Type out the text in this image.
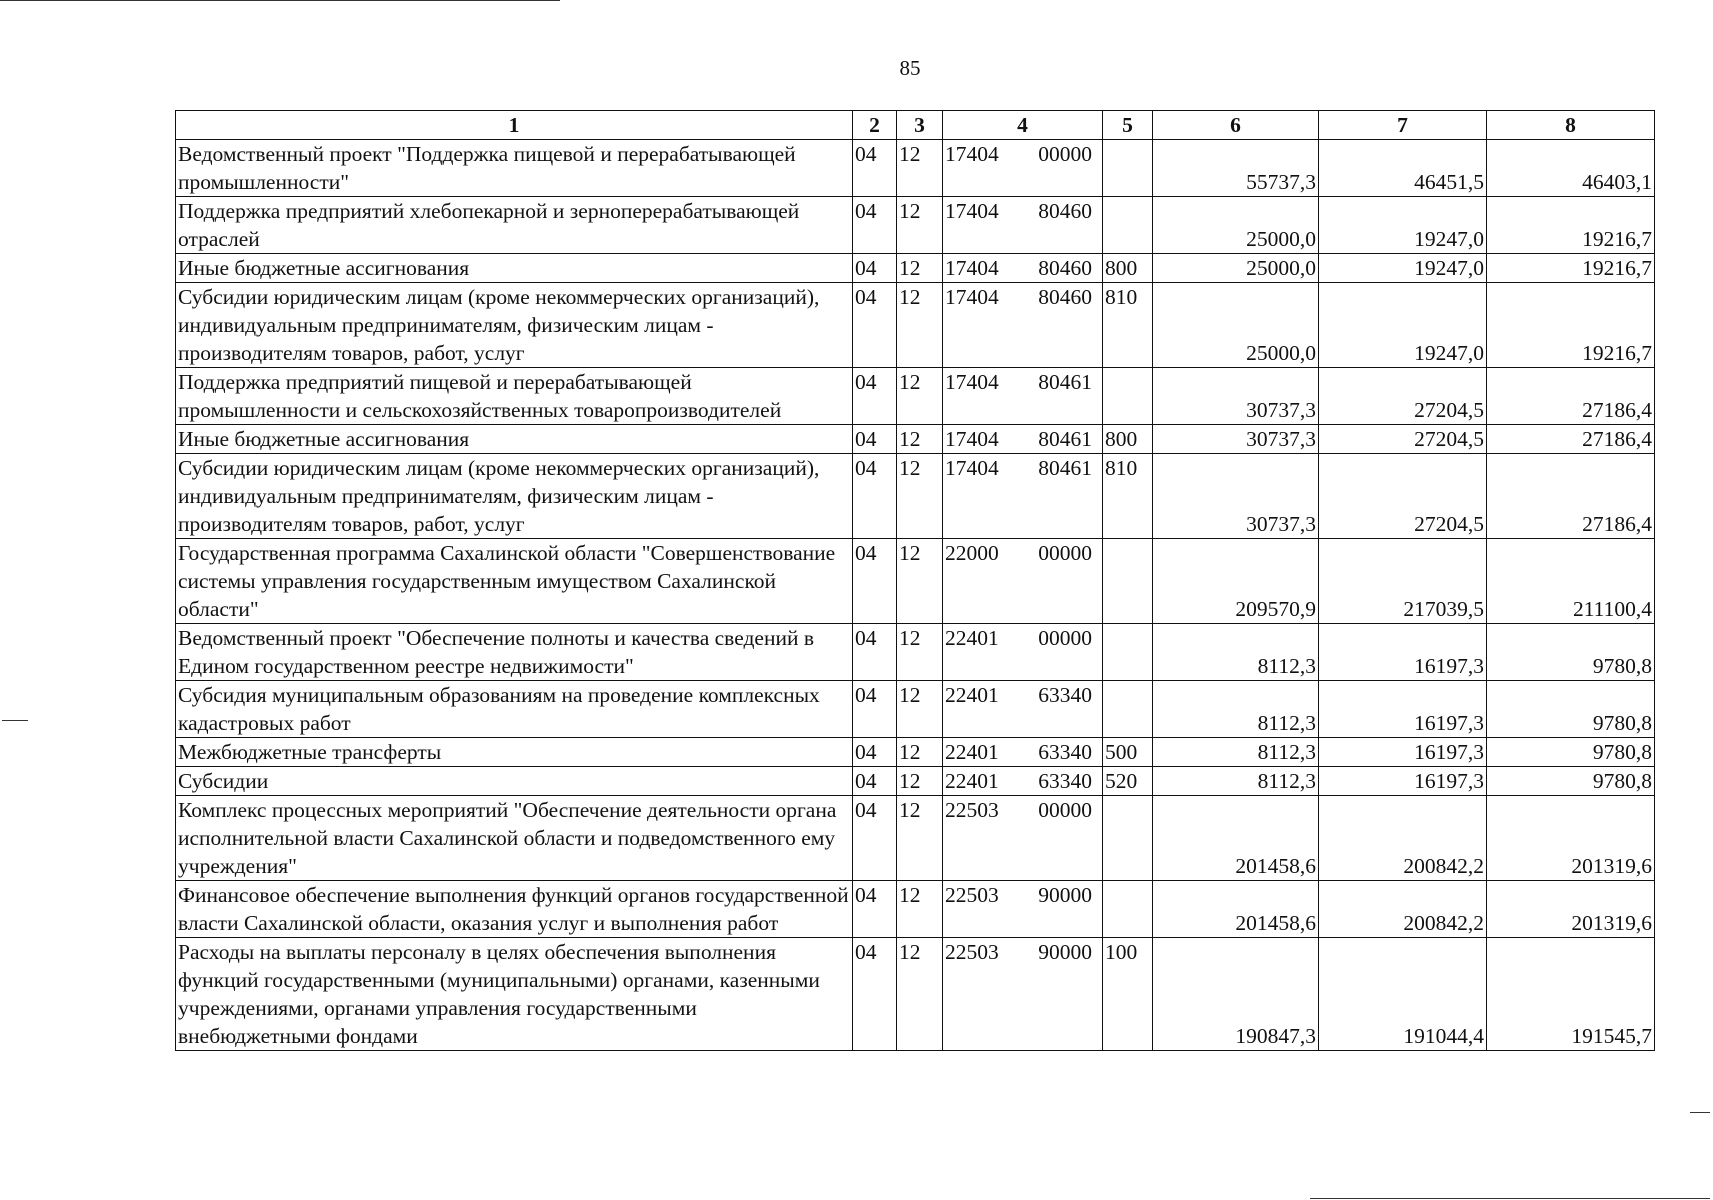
85
1	2	3	4	5	6	7	8
Ведомственный проект "Поддержка пищевой и перерабатывающей промышленности"	04	12	17404 00000		55737,3	46451,5	46403,1
Поддержка предприятий хлебопекарной и зерноперерабатывающей отраслей	04	12	17404 80460		25000,0	19247,0	19216,7
Иные бюджетные ассигнования	04	12	17404 80460	800	25000,0	19247,0	19216,7
Субсидии юридическим лицам (кроме некоммерческих организаций), индивидуальным предпринимателям, физическим лицам - производителям товаров, работ, услуг	04	12	17404 80460	810	25000,0	19247,0	19216,7
Поддержка предприятий пищевой и перерабатывающей промышленности и сельскохозяйственных товаропроизводителей	04	12	17404 80461		30737,3	27204,5	27186,4
Иные бюджетные ассигнования	04	12	17404 80461	800	30737,3	27204,5	27186,4
Субсидии юридическим лицам (кроме некоммерческих организаций), индивидуальным предпринимателям, физическим лицам - производителям товаров, работ, услуг	04	12	17404 80461	810	30737,3	27204,5	27186,4
Государственная программа Сахалинской области "Совершенствование системы управления государственным имуществом Сахалинской области"	04	12	22000 00000		209570,9	217039,5	211100,4
Ведомственный проект "Обеспечение полноты и качества сведений в Едином государственном реестре недвижимости"	04	12	22401 00000		8112,3	16197,3	9780,8
Субсидия муниципальным образованиям на проведение комплексных кадастровых работ	04	12	22401 63340		8112,3	16197,3	9780,8
Межбюджетные трансферты	04	12	22401 63340	500	8112,3	16197,3	9780,8
Субсидии	04	12	22401 63340	520	8112,3	16197,3	9780,8
Комплекс процессных мероприятий "Обеспечение деятельности органа исполнительной власти Сахалинской области и подведомственного ему учреждения"	04	12	22503 00000		201458,6	200842,2	201319,6
Финансовое обеспечение выполнения функций органов государственной власти Сахалинской области, оказания услуг и выполнения работ	04	12	22503 90000		201458,6	200842,2	201319,6
Расходы на выплаты персоналу в целях обеспечения выполнения функций государственными (муниципальными) органами, казенными учреждениями, органами управления государственными внебюджетными фондами	04	12	22503 90000	100	190847,3	191044,4	191545,7
